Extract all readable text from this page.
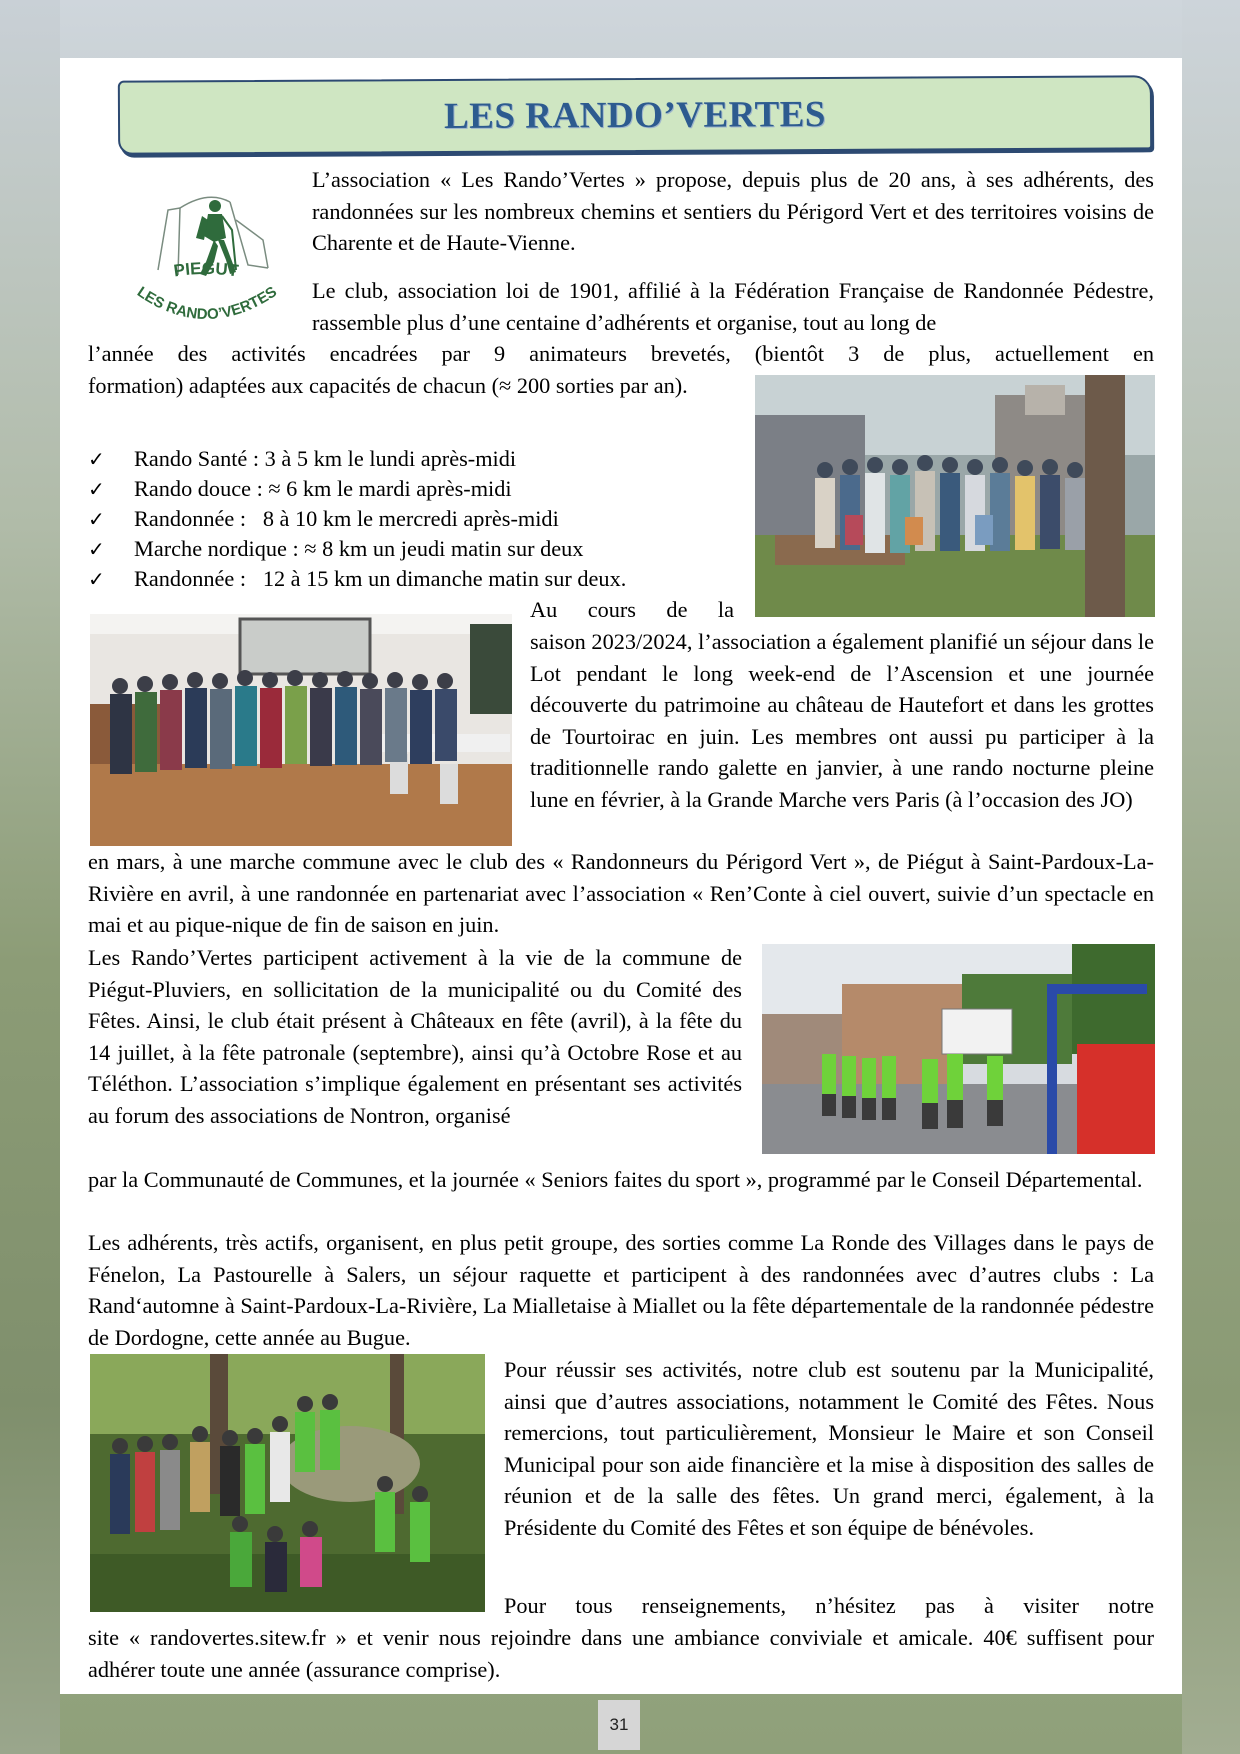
LES RANDO’VERTES
PIEGUT
LES RANDO’VERTES

L’association « Les Rando’Vertes » propose, depuis plus de 20 ans, à ses adhérents, des randonnées sur les nombreux chemins et sentiers du Périgord Vert et des territoires voisins de Charente et de Haute-Vienne.

Le club, association loi de 1901, affilié à la Fédération Française de Randonnée Pédestre, rassemble plus d’une centaine d’adhérents et organise, tout au long de

l’année des activités encadrées par 9 animateurs brevetés, (bientôt 3 de plus, actuellement en

formation) adaptées aux capacités de chacun (≈ 200 sorties par an).

✓	Rando Santé :
3 à 5 km le lundi après-midi
✓	Rando douce :
≈ 6 km le mardi après-midi
✓	Randonnée :
8 à 10 km le mercredi après-midi
✓	Marche nordique :
≈ 8 km un jeudi matin sur deux
✓	Randonnée :
12 à 15 km un dimanche matin sur deux.

Au cours de la

saison 2023/2024, l’association a également planifié un séjour dans le Lot pendant le long week-end de l’Ascension et une journée découverte du patrimoine au château de Hautefort et dans les grottes de Tourtoirac en juin. Les membres ont aussi pu participer à la traditionnelle rando galette en janvier, à une rando nocturne pleine lune en février, à la Grande Marche vers Paris (à l’occasion des JO)

en mars, à une marche commune avec le club des « Randonneurs du Périgord Vert », de Piégut à Saint-Pardoux-La-Rivière en avril, à une randonnée en partenariat avec l’association « Ren’Conte à ciel ouvert, suivie d’un spectacle en mai et au pique-nique de fin de saison en juin.

Les Rando’Vertes participent activement à la vie de la commune de Piégut-Pluviers, en sollicitation de la municipalité ou du Comité des Fêtes. Ainsi, le club était présent à Châteaux en fête (avril), à la fête du 14 juillet, à la fête patronale (septembre), ainsi qu’à Octobre Rose et au Téléthon. L’association s’implique également en présentant ses activités au forum des associations de Nontron, organisé

par la Communauté de Communes, et la journée « Seniors faites du sport », programmé par le Conseil Départemental.

Les adhérents, très actifs, organisent, en plus petit groupe, des sorties comme La Ronde des Villages dans le pays de Fénelon, La Pastourelle à Salers, un séjour raquette et participent à des randonnées avec d’autres clubs : La Rand‘automne à Saint-Pardoux-La-Rivière, La Mialletaise à Miallet ou la fête départementale de la randonnée pédestre de Dordogne, cette année au Bugue.

Pour réussir ses activités, notre club est soutenu par la Municipalité, ainsi que d’autres associations, notamment le Comité des Fêtes. Nous remercions, tout particulièrement, Monsieur le Maire et son Conseil Municipal pour son aide financière et la mise à disposition des salles de réunion et de la salle des fêtes. Un grand merci, également, à la Présidente du Comité des Fêtes et son équipe de bénévoles.

Pour tous renseignements, n’hésitez pas à visiter notre

site « randovertes.sitew.fr » et venir nous rejoindre dans une ambiance conviviale et amicale. 40€ suffisent pour adhérer toute une année (assurance comprise).

31
